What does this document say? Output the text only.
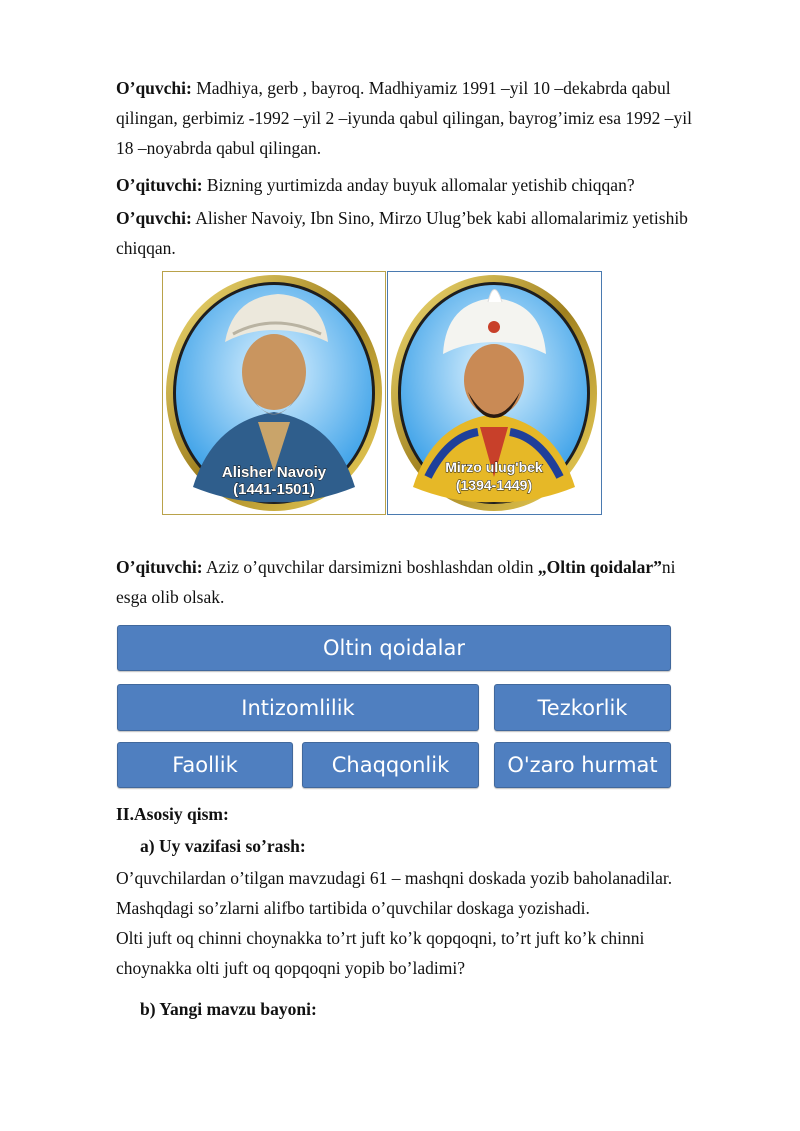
O’quvchi: Madhiya, gerb , bayroq. Madhiyamiz 1991 –yil 10 –dekabrda qabul
qilingan, gerbimiz -1992 –yil 2 –iyunda qabul qilingan, bayrog’imiz esa 1992 –yil
18 –noyabrda qabul qilingan.

O’qituvchi: Bizning yurtimizda anday buyuk allomalar yetishib chiqqan?

O’quvchi: Alisher Navoiy, Ibn Sino, Mirzo Ulug’bek kabi allomalarimiz yetishib
chiqqan.

Alisher Navoiy
(1441-1501)
Mirzo ulug'bek
(1394-1449)

O’qituvchi: Aziz o’quvchilar darsimizni boshlashdan oldin „Oltin qoidalar”ni
esga olib olsak.

Oltin qoidalar
Intizomlilik	Tezkorlik
Faollik	Chaqqonlik	O'zaro hurmat
II.Asosiy qism:
a) Uy vazifasi so’rash:

O’quvchilardan o’tilgan mavzudagi 61 – mashqni doskada yozib baholanadilar.
Mashqdagi so’zlarni alifbo tartibida o’quvchilar doskaga yozishadi.
Olti juft oq chinni choynakka to’rt juft ko’k qopqoqni, to’rt juft ko’k chinni
choynakka olti juft oq qopqoqni yopib bo’ladimi?

b) Yangi mavzu bayoni:
